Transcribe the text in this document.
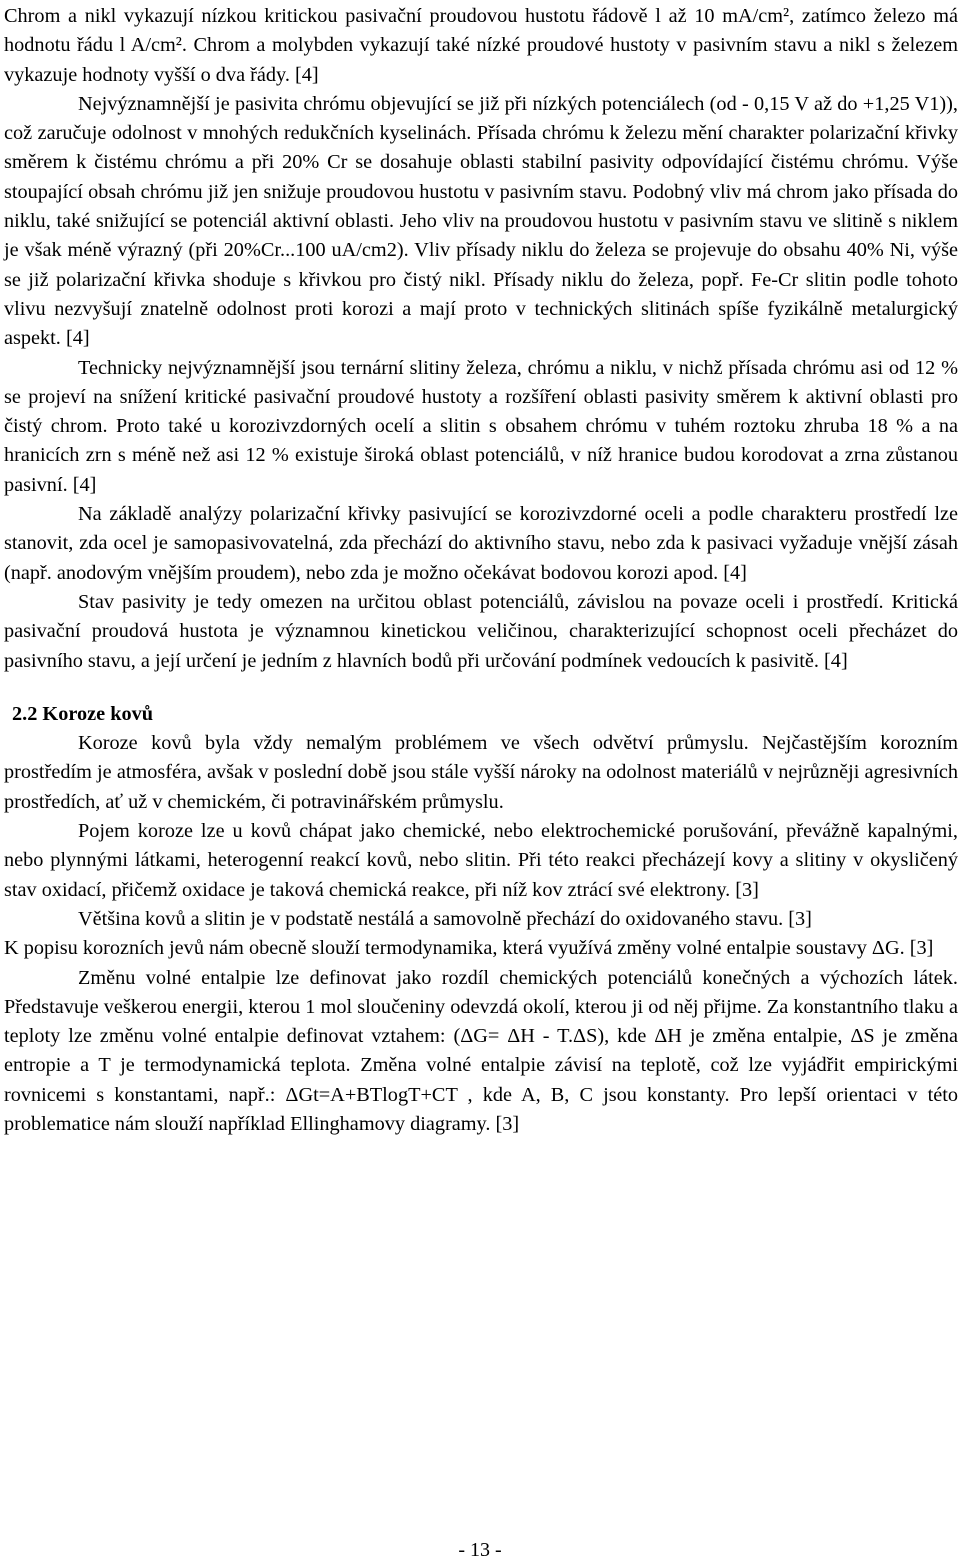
Chrom a nikl vykazují nízkou kritickou pasivační proudovou hustotu řádově l až 10 mA/cm², zatímco železo má hodnotu řádu l A/cm². Chrom a molybden vykazují také nízké proudové hustoty v pasivním stavu a nikl s železem vykazuje hodnoty vyšší o dva řády. [4]

Nejvýznamnější je pasivita chrómu objevující se již při nízkých potenciálech (od - 0,15 V až do +1,25 V1)), což zaručuje odolnost v mnohých redukčních kyselinách. Přísada chrómu k železu mění charakter polarizační křivky směrem k čistému chrómu a při 20% Cr se dosahuje oblasti stabilní pasivity odpovídající čistému chrómu. Výše stoupající obsah chrómu již jen snižuje proudovou hustotu v pasivním stavu. Podobný vliv má chrom jako přísada do niklu, také snižující se potenciál aktivní oblasti. Jeho vliv na proudovou hustotu v pasivním stavu ve slitině s niklem je však méně výrazný (při 20%Cr...100 uA/cm2). Vliv přísady niklu do železa se projevuje do obsahu 40% Ni, výše se již polarizační křivka shoduje s křivkou pro čistý nikl. Přísady niklu do železa, popř. Fe-Cr slitin podle tohoto vlivu nezvyšují znatelně odolnost proti korozi a mají proto v technických slitinách spíše fyzikálně metalurgický aspekt. [4]

Technicky nejvýznamnější jsou ternární slitiny železa, chrómu a niklu, v nichž přísada chrómu asi od 12 % se projeví na snížení kritické pasivační proudové hustoty a rozšíření oblasti pasivity směrem k aktivní oblasti pro čistý chrom. Proto také u korozivzdorných ocelí a slitin s obsahem chrómu v tuhém roztoku zhruba 18 % a na hranicích zrn s méně než asi 12 % existuje široká oblast potenciálů, v níž hranice budou korodovat a zrna zůstanou pasivní. [4]

Na základě analýzy polarizační křivky pasivující se korozivzdorné oceli a podle charakteru prostředí lze stanovit, zda ocel je samopasivovatelná, zda přechází do aktivního stavu, nebo zda k pasivaci vyžaduje vnější zásah (např. anodovým vnějším proudem), nebo zda je možno očekávat bodovou korozi apod. [4]

Stav pasivity je tedy omezen na určitou oblast potenciálů, závislou na povaze oceli i prostředí. Kritická pasivační proudová hustota je významnou kinetickou veličinou, charakterizující schopnost oceli přecházet do pasivního stavu, a její určení je jedním z hlavních bodů při určování podmínek vedoucích k pasivitě. [4]

2.2 Koroze kovů

Koroze kovů byla vždy nemalým problémem ve všech odvětví průmyslu. Nejčastějším korozním prostředím je atmosféra, avšak v poslední době jsou stále vyšší nároky na odolnost materiálů v nejrůzněji agresivních prostředích, ať už v chemickém, či potravinářském průmyslu.

Pojem koroze lze u kovů chápat jako chemické, nebo elektrochemické porušování, převážně kapalnými, nebo plynnými látkami, heterogenní reakcí kovů, nebo slitin. Při této reakci přecházejí kovy a slitiny v okysličený stav oxidací, přičemž oxidace je taková chemická reakce, při níž kov ztrácí své elektrony. [3]

Většina kovů a slitin je v podstatě nestálá a samovolně přechází do oxidovaného stavu. [3]

K popisu korozních jevů nám obecně slouží termodynamika, která využívá změny volné entalpie soustavy ΔG. [3]

Změnu volné entalpie lze definovat jako rozdíl chemických potenciálů konečných a výchozích látek. Představuje veškerou energii, kterou 1 mol sloučeniny odevzdá okolí, kterou ji od něj přijme. Za konstantního tlaku a teploty lze změnu volné entalpie definovat vztahem: (ΔG= ΔH - T.ΔS), kde ΔH je změna entalpie, ΔS je změna entropie a T je termodynamická teplota. Změna volné entalpie závisí na teplotě, což lze vyjádřit empirickými rovnicemi s konstantami, např.: ΔGt=A+BTlogT+CT , kde A, B, C jsou konstanty. Pro lepší orientaci v této problematice nám slouží například Ellinghamovy diagramy. [3]

- 13 -
